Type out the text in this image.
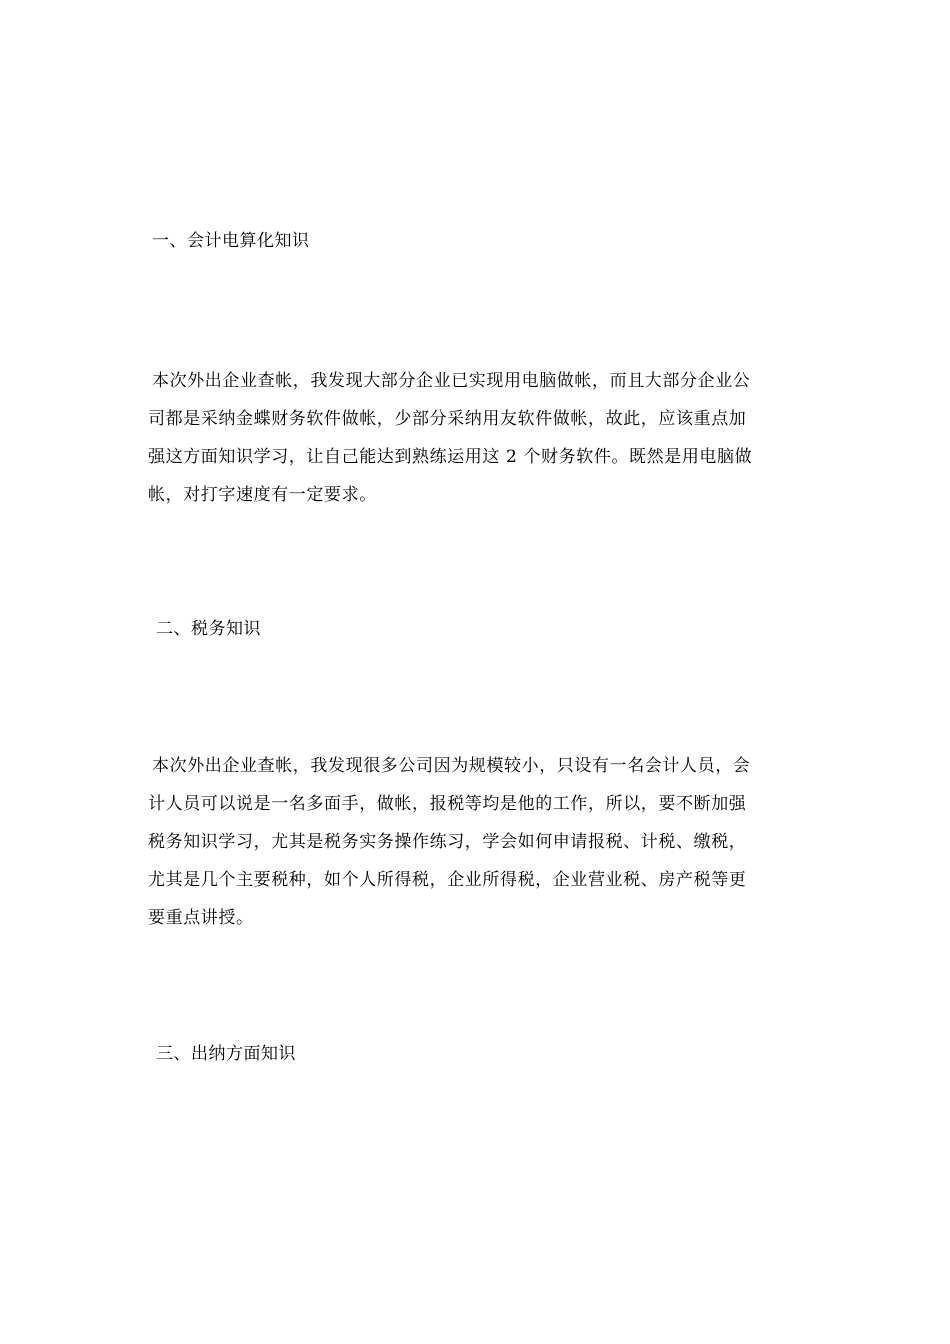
一、会计电算化知识
本次外出企业查帐，我发现大部分企业已实现用电脑做帐，而且大部分企业公
司都是采纳金蝶财务软件做帐，少部分采纳用友软件做帐，故此，应该重点加
强这方面知识学习，让自己能达到熟练运用这 2 个财务软件。既然是用电脑做
帐，对打字速度有一定要求。
二、税务知识
本次外出企业查帐，我发现很多公司因为规模较小，只设有一名会计人员，会
计人员可以说是一名多面手，做帐，报税等均是他的工作，所以，要不断加强
税务知识学习，尤其是税务实务操作练习，学会如何申请报税、计税、缴税，
尤其是几个主要税种，如个人所得税，企业所得税，企业营业税、房产税等更
要重点讲授。
三、出纳方面知识
